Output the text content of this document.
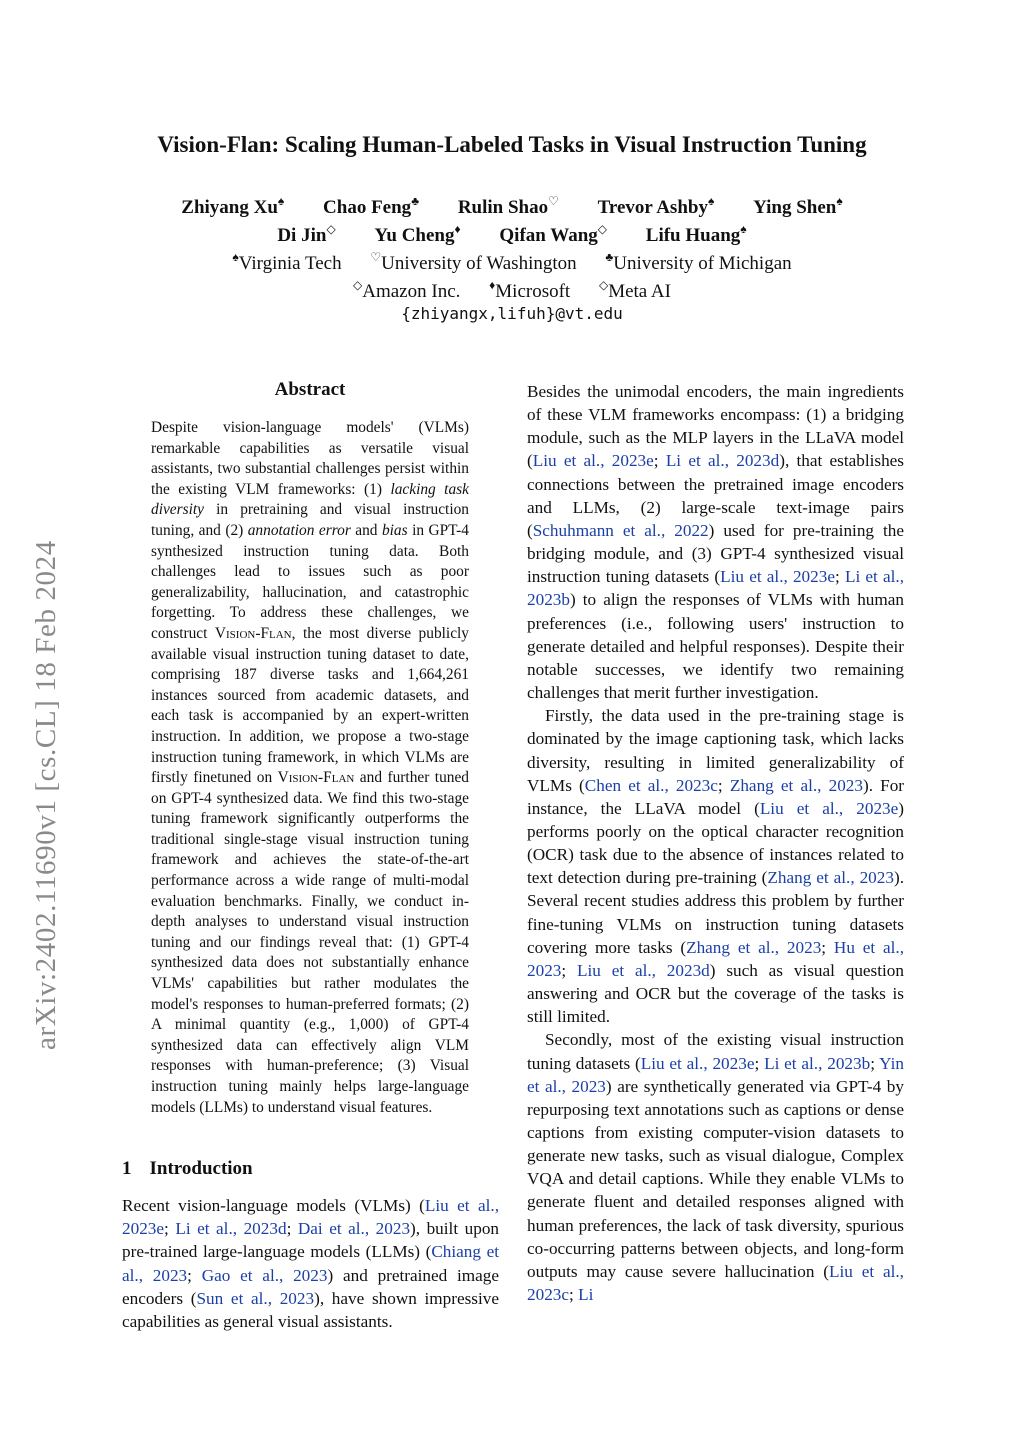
arXiv:2402.11690v1 [cs.CL] 18 Feb 2024
Vision-Flan: Scaling Human-Labeled Tasks in Visual Instruction Tuning
Zhiyang Xu♠ Chao Feng♣ Rulin Shao♡ Trevor Ashby♠ Ying Shen♠
Di Jin◇ Yu Cheng♦ Qifan Wang◇ Lifu Huang♠
♠Virginia Tech ♡University of Washington ♣University of Michigan
◇Amazon Inc. ♦Microsoft ◇Meta AI
{zhiyangx,lifuh}@vt.edu
Abstract

Despite vision-language models' (VLMs) remarkable capabilities as versatile visual assistants, two substantial challenges persist within the existing VLM frameworks: (1) lacking task diversity in pretraining and visual instruction tuning, and (2) annotation error and bias in GPT-4 synthesized instruction tuning data. Both challenges lead to issues such as poor generalizability, hallucination, and catastrophic forgetting. To address these challenges, we construct Vision-Flan, the most diverse publicly available visual instruction tuning dataset to date, comprising 187 diverse tasks and 1,664,261 instances sourced from academic datasets, and each task is accompanied by an expert-written instruction. In addition, we propose a two-stage instruction tuning framework, in which VLMs are firstly finetuned on Vision-Flan and further tuned on GPT-4 synthesized data. We find this two-stage tuning framework significantly outperforms the traditional single-stage visual instruction tuning framework and achieves the state-of-the-art performance across a wide range of multi-modal evaluation benchmarks. Finally, we conduct in-depth analyses to understand visual instruction tuning and our findings reveal that: (1) GPT-4 synthesized data does not substantially enhance VLMs' capabilities but rather modulates the model's responses to human-preferred formats; (2) A minimal quantity (e.g., 1,000) of GPT-4 synthesized data can effectively align VLM responses with human-preference; (3) Visual instruction tuning mainly helps large-language models (LLMs) to understand visual features.

1 Introduction

Recent vision-language models (VLMs) (Liu et al., 2023e; Li et al., 2023d; Dai et al., 2023), built upon pre-trained large-language models (LLMs) (Chiang et al., 2023; Gao et al., 2023) and pretrained image encoders (Sun et al., 2023), have shown impressive capabilities as general visual assistants.

Besides the unimodal encoders, the main ingredients of these VLM frameworks encompass: (1) a bridging module, such as the MLP layers in the LLaVA model (Liu et al., 2023e; Li et al., 2023d), that establishes connections between the pretrained image encoders and LLMs, (2) large-scale text-image pairs (Schuhmann et al., 2022) used for pre-training the bridging module, and (3) GPT-4 synthesized visual instruction tuning datasets (Liu et al., 2023e; Li et al., 2023b) to align the responses of VLMs with human preferences (i.e., following users' instruction to generate detailed and helpful responses). Despite their notable successes, we identify two remaining challenges that merit further investigation.

Firstly, the data used in the pre-training stage is dominated by the image captioning task, which lacks diversity, resulting in limited generalizability of VLMs (Chen et al., 2023c; Zhang et al., 2023). For instance, the LLaVA model (Liu et al., 2023e) performs poorly on the optical character recognition (OCR) task due to the absence of instances related to text detection during pre-training (Zhang et al., 2023). Several recent studies address this problem by further fine-tuning VLMs on instruction tuning datasets covering more tasks (Zhang et al., 2023; Hu et al., 2023; Liu et al., 2023d) such as visual question answering and OCR but the coverage of the tasks is still limited.

Secondly, most of the existing visual instruction tuning datasets (Liu et al., 2023e; Li et al., 2023b; Yin et al., 2023) are synthetically generated via GPT-4 by repurposing text annotations such as captions or dense captions from existing computer-vision datasets to generate new tasks, such as visual dialogue, Complex VQA and detail captions. While they enable VLMs to generate fluent and detailed responses aligned with human preferences, the lack of task diversity, spurious co-occurring patterns between objects, and long-form outputs may cause severe hallucination (Liu et al., 2023c; Li
